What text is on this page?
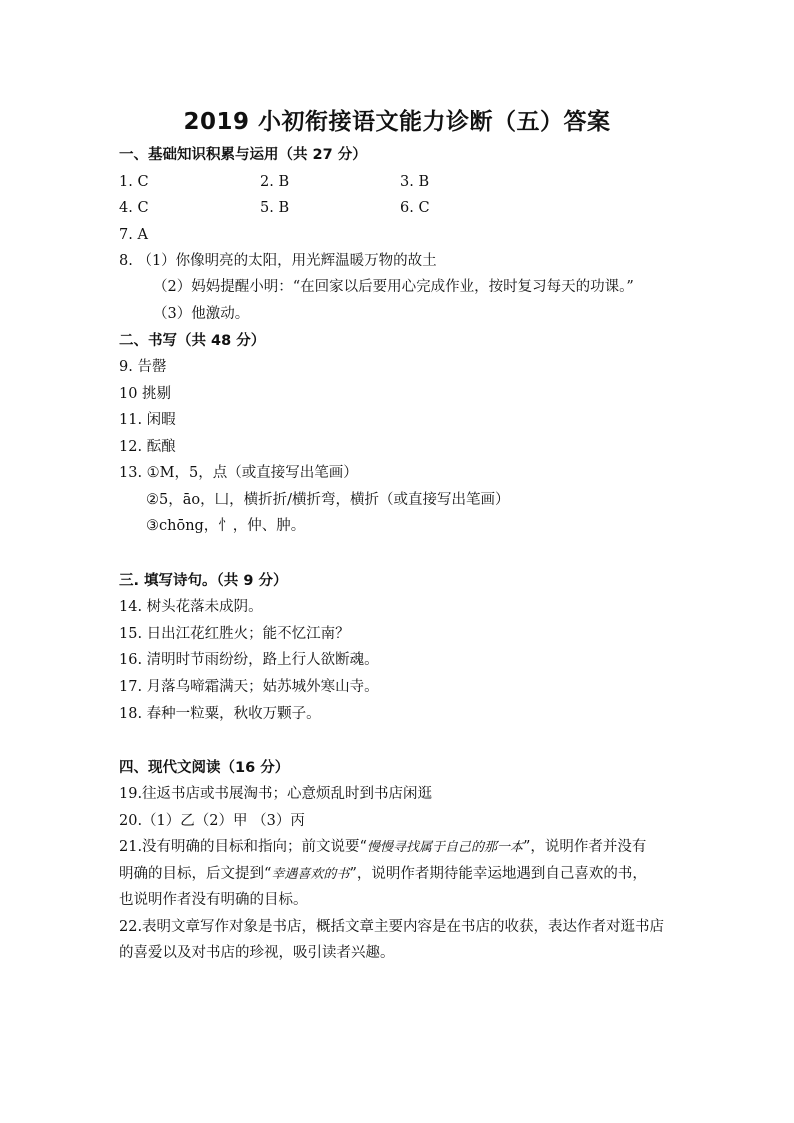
2019 小初衔接语文能力诊断（五）答案
一、基础知识积累与运用（共 27 分）
1. C	2. B	3. B
4. C	5. B	6. C
7. A
8. （1）你像明亮的太阳，用光辉温暖万物的故土
（2）妈妈提醒小明：“在回家以后要用心完成作业，按时复习每天的功课。”
（3）他激动。
二、书写（共 48 分）
9. 告罄
10 挑剔
11. 闲暇
12. 酝酿
13. ①M，5，点（或直接写出笔画）
②5，āo，凵，横折折/横折弯，横折（或直接写出笔画）
③chōng，忄，仲、肿。
三. 填写诗句。（共 9 分）
14. 树头花落未成阴。
15. 日出江花红胜火；能不忆江南？
16. 清明时节雨纷纷，路上行人欲断魂。
17. 月落乌啼霜满天；姑苏城外寒山寺。
18. 春种一粒粟，秋收万颗子。
四、现代文阅读（16 分）
19.往返书店或书展淘书；心意烦乱时到书店闲逛
20.（1）乙（2）甲 （3）丙
21.没有明确的目标和指向；前文说要“慢慢寻找属于自己的那一本”，说明作者并没有
明确的目标，后文提到“幸遇喜欢的书”，说明作者期待能幸运地遇到自己喜欢的书，
也说明作者没有明确的目标。
22.表明文章写作对象是书店，概括文章主要内容是在书店的收获，表达作者对逛书店
的喜爱以及对书店的珍视，吸引读者兴趣。
